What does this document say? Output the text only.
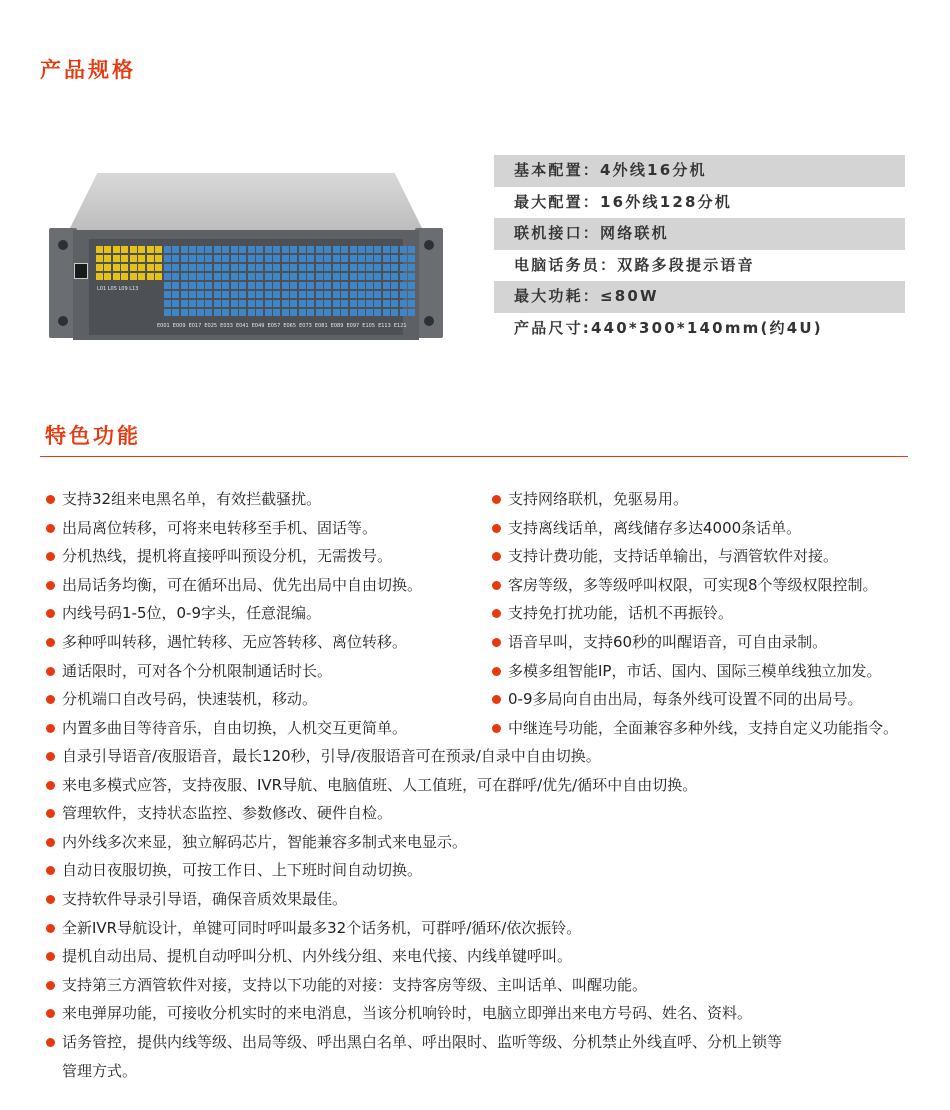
产品规格
L01 L05 L09 L13
E001 E009 E017 E025 E033 E041 E049 E057 E065 E073 E081 E089 E097 E105 E113 E121
基本配置：4外线16分机
最大配置：16外线128分机
联机接口：网络联机
电脑话务员：双路多段提示语音
最大功耗：≤80W
产品尺寸:440*300*140mm(约4U)
特色功能
支持32组来电黑名单，有效拦截骚扰。
出局离位转移，可将来电转移至手机、固话等。
分机热线，提机将直接呼叫预设分机，无需拨号。
出局话务均衡，可在循环出局、优先出局中自由切换。
内线号码1-5位，0-9字头，任意混编。
多种呼叫转移，遇忙转移、无应答转移、离位转移。
通话限时，可对各个分机限制通话时长。
分机端口自改号码，快速装机，移动。
内置多曲目等待音乐，自由切换，人机交互更简单。
支持网络联机，免驱易用。
支持离线话单，离线储存多达4000条话单。
支持计费功能，支持话单输出，与酒管软件对接。
客房等级，多等级呼叫权限，可实现8个等级权限控制。
支持免打扰功能，话机不再振铃。
语音早叫，支持60秒的叫醒语音，可自由录制。
多模多组智能IP，市话、国内、国际三模单线独立加发。
0-9多局向自由出局，每条外线可设置不同的出局号。
中继连号功能，全面兼容多种外线，支持自定义功能指令。
自录引导语音/夜服语音，最长120秒，引导/夜服语音可在预录/自录中自由切换。
来电多模式应答，支持夜服、IVR导航、电脑值班、人工值班，可在群呼/优先/循环中自由切换。
管理软件，支持状态监控、参数修改、硬件自检。
内外线多次来显，独立解码芯片，智能兼容多制式来电显示。
自动日夜服切换，可按工作日、上下班时间自动切换。
支持软件导录引导语，确保音质效果最佳。
全新IVR导航设计，单键可同时呼叫最多32个话务机，可群呼/循环/依次振铃。
提机自动出局、提机自动呼叫分机、内外线分组、来电代接、内线单键呼叫。
支持第三方酒管软件对接，支持以下功能的对接：支持客房等级、主叫话单、叫醒功能。
来电弹屏功能，可接收分机实时的来电消息，当该分机响铃时，电脑立即弹出来电方号码、姓名、资料。
话务管控，提供内线等级、出局等级、呼出黑白名单、呼出限时、监听等级、分机禁止外线直呼、分机上锁等
管理方式。
